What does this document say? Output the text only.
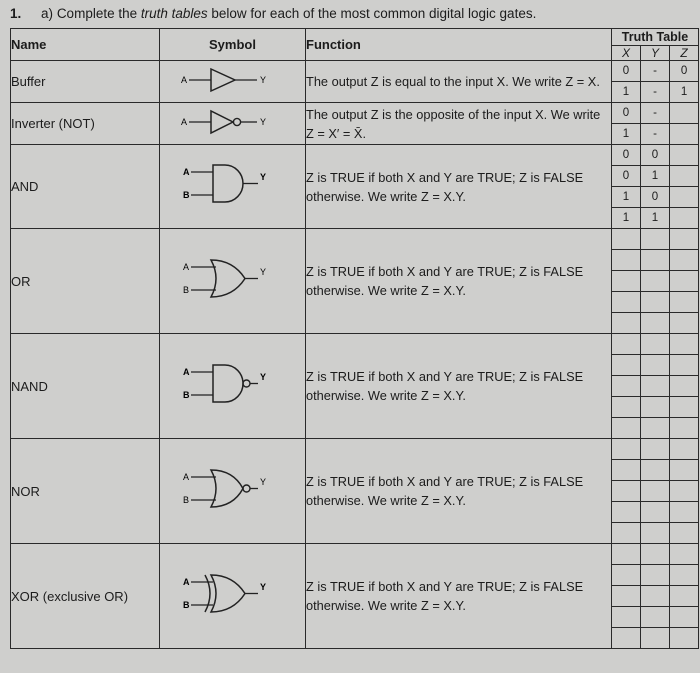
1. a) Complete the truth tables below for each of the most common digital logic gates.
Name	Symbol	Function	Truth Table		
			X	Y	Z
Buffer	A Y	The output Z is equal to the input X. We write Z = X.	0	-	0
			1	-	1
Inverter (NOT)	A Y	The output Z is the opposite of the input X. We write Z = X′ = X̄.	0	-	
			1	-	
AND	A
B
Y	Z is TRUE if both X and Y are TRUE; Z is FALSE otherwise. We write Z = X.Y.	0	0	
			0	1	
			1	0	
			1	1	
OR	A
B
Y	Z is TRUE if both X and Y are TRUE; Z is FALSE otherwise. We write Z = X.Y.			

NAND	A
B
Y	Z is TRUE if both X and Y are TRUE; Z is FALSE otherwise. We write Z = X.Y.			

NOR	A
B
Y	Z is TRUE if both X and Y are TRUE; Z is FALSE otherwise. We write Z = X.Y.			

XOR (exclusive OR)	A
B
Y	Z is TRUE if both X and Y are TRUE; Z is FALSE otherwise. We write Z = X.Y.			
